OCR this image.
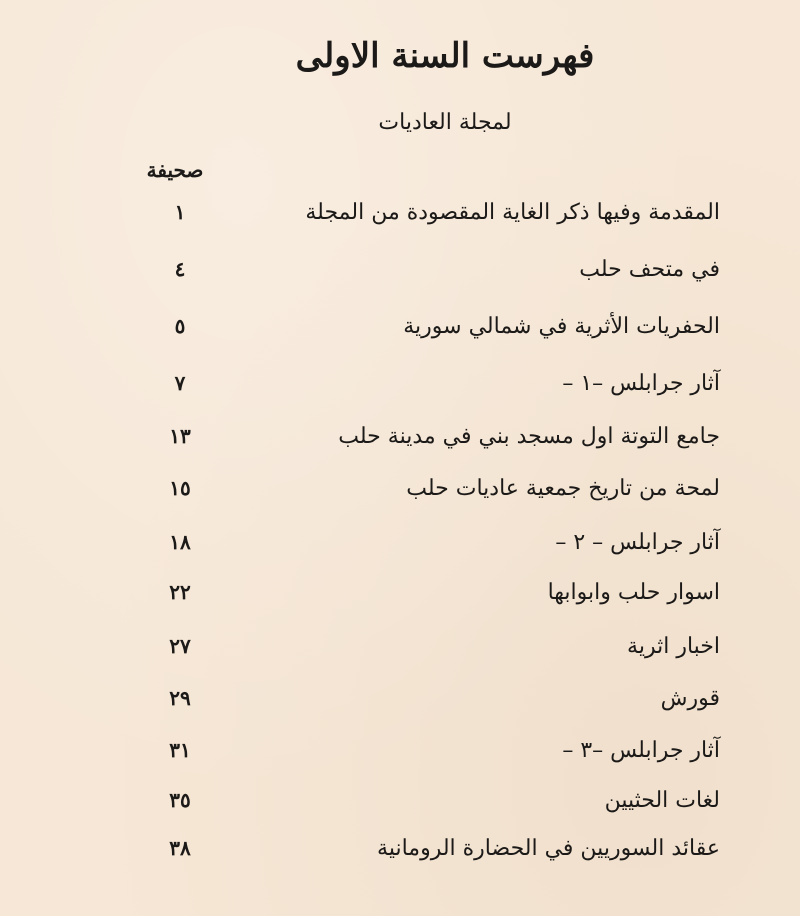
فهرست السنة الاولى
لمجلة العاديات
صحيفة
المقدمة وفيها ذكر الغاية المقصودة من المجلة
١
في متحف حلب
٤
الحفريات الأثرية في شمالي سورية
٥
آثار جرابلس –١ –
٧
جامع التوتة اول مسجد بني في مدينة حلب
١٣
لمحة من تاريخ جمعية عاديات حلب
١٥
آثار جرابلس – ٢ –
١٨
اسوار حلب وابوابها
٢٢
اخبار اثرية
٢٧
قورش
٢٩
آثار جرابلس –٣ –
٣١
لغات الحثيين
٣٥
عقائد السوريين في الحضارة الرومانية
٣٨
